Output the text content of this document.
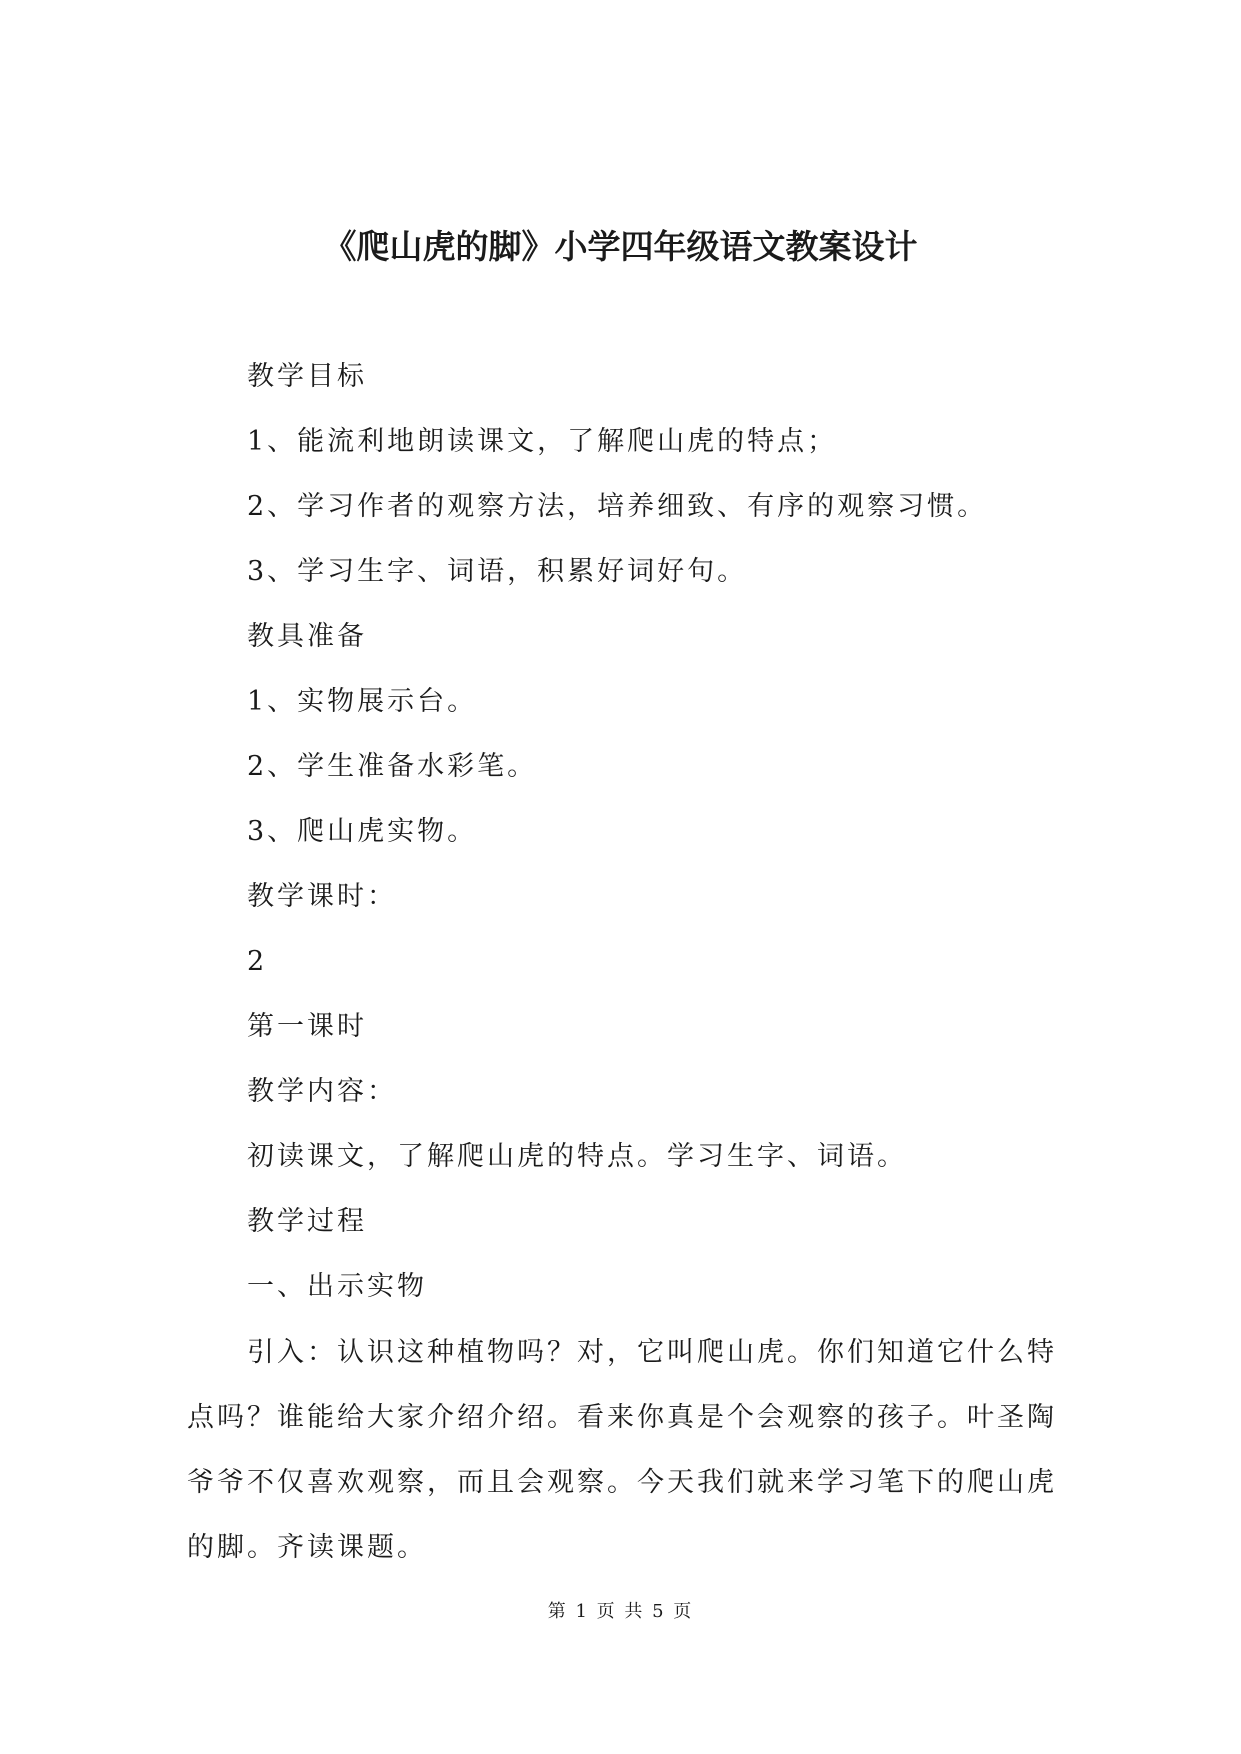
《爬山虎的脚》小学四年级语文教案设计

教学目标

1、能流利地朗读课文，了解爬山虎的特点；

2、学习作者的观察方法，培养细致、有序的观察习惯。

3、学习生字、词语，积累好词好句。

教具准备

1、实物展示台。

2、学生准备水彩笔。

3、爬山虎实物。

教学课时：

2

第一课时

教学内容：

初读课文，了解爬山虎的特点。学习生字、词语。

教学过程

一、出示实物

引入：认识这种植物吗？对，它叫爬山虎。你们知道它什么特点吗？谁能给大家介绍介绍。看来你真是个会观察的孩子。叶圣陶爷爷不仅喜欢观察，而且会观察。今天我们就来学习笔下的爬山虎的脚。齐读课题。

第 1 页 共 5 页
